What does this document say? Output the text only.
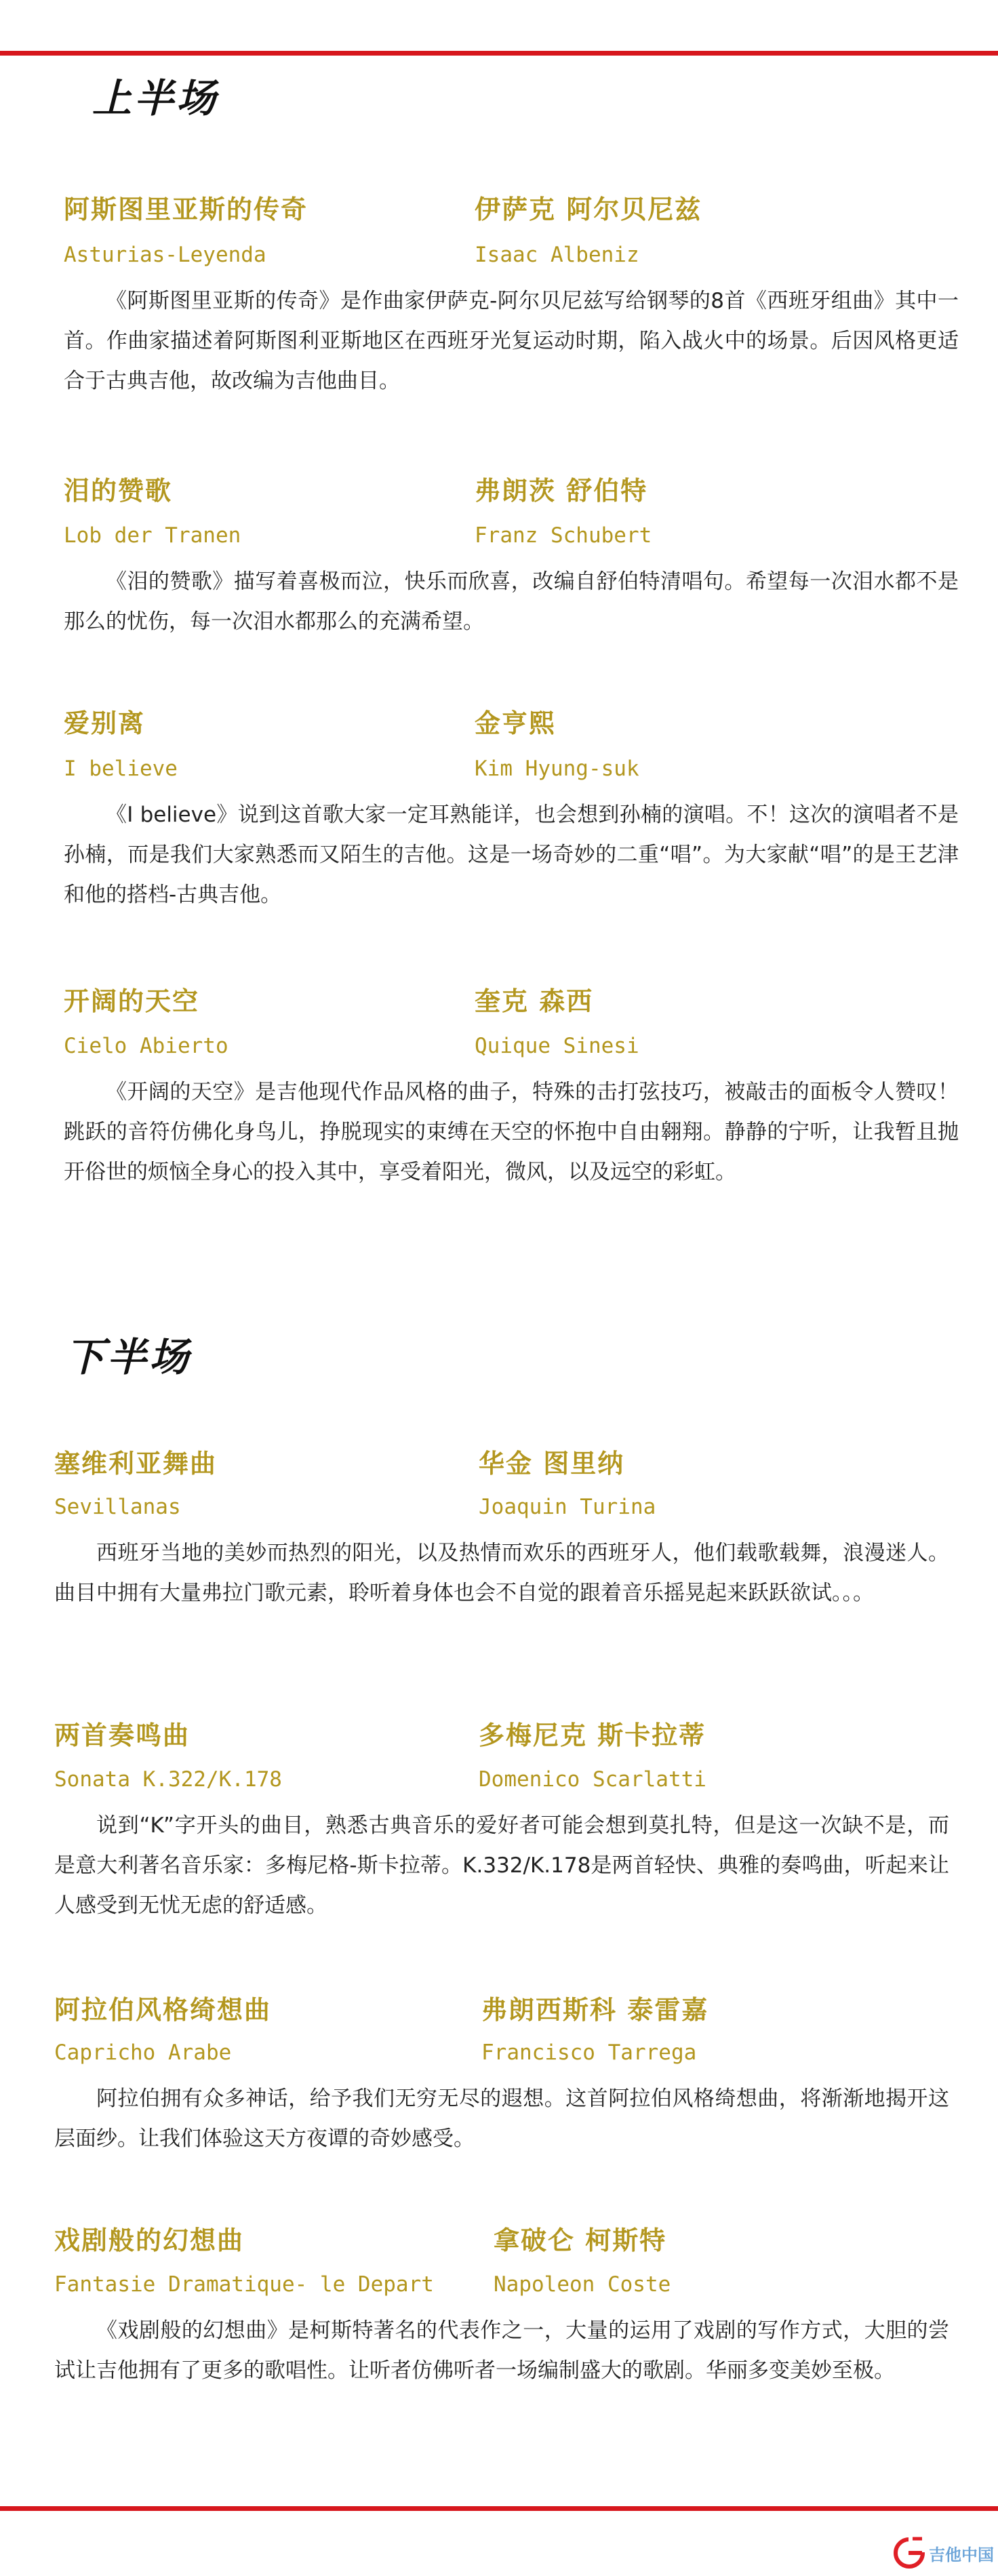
上半场
阿斯图里亚斯的传奇	伊萨克 阿尔贝尼兹
Asturias-Leyenda	Isaac Albeniz

《阿斯图里亚斯的传奇》是作曲家伊萨克-阿尔贝尼兹写给钢琴的8首《西班牙组曲》其中一首。作曲家描述着阿斯图利亚斯地区在西班牙光复运动时期，陷入战火中的场景。后因风格更适合于古典吉他，故改编为吉他曲目。

泪的赞歌	弗朗茨 舒伯特
Lob der Tranen	Franz Schubert

《泪的赞歌》描写着喜极而泣，快乐而欣喜，改编自舒伯特清唱句。希望每一次泪水都不是那么的忧伤，每一次泪水都那么的充满希望。

爱别离	金亨熙
I believe	Kim Hyung-suk

《I believe》说到这首歌大家一定耳熟能详，也会想到孙楠的演唱。不！这次的演唱者不是孙楠，而是我们大家熟悉而又陌生的吉他。这是一场奇妙的二重“唱”。为大家献“唱”的是王艺津和他的搭档-古典吉他。

开阔的天空	奎克 森西
Cielo Abierto	Quique Sinesi

《开阔的天空》是吉他现代作品风格的曲子，特殊的击打弦技巧，被敲击的面板令人赞叹！跳跃的音符仿佛化身鸟儿，挣脱现实的束缚在天空的怀抱中自由翱翔。静静的宁听，让我暂且抛开俗世的烦恼全身心的投入其中，享受着阳光，微风，以及远空的彩虹。

下半场
塞维利亚舞曲	华金 图里纳
Sevillanas	Joaquin Turina

西班牙当地的美妙而热烈的阳光，以及热情而欢乐的西班牙人，他们载歌载舞，浪漫迷人。曲目中拥有大量弗拉门歌元素，聆听着身体也会不自觉的跟着音乐摇晃起来跃跃欲试。。。

两首奏鸣曲	多梅尼克 斯卡拉蒂
Sonata K.322/K.178	Domenico Scarlatti

说到“K”字开头的曲目，熟悉古典音乐的爱好者可能会想到莫扎特，但是这一次缺不是，而是意大利著名音乐家：多梅尼格-斯卡拉蒂。K.332/K.178是两首轻快、典雅的奏鸣曲，听起来让人感受到无忧无虑的舒适感。

阿拉伯风格绮想曲	弗朗西斯科 泰雷嘉
Capricho Arabe	Francisco Tarrega

阿拉伯拥有众多神话，给予我们无穷无尽的遐想。这首阿拉伯风格绮想曲，将渐渐地揭开这层面纱。让我们体验这天方夜谭的奇妙感受。

戏剧般的幻想曲	拿破仑 柯斯特
Fantasie Dramatique- le Depart	Napoleon Coste

《戏剧般的幻想曲》是柯斯特著名的代表作之一，大量的运用了戏剧的写作方式，大胆的尝试让吉他拥有了更多的歌唱性。让听者仿佛听者一场编制盛大的歌剧。华丽多变美妙至极。

吉他中国
